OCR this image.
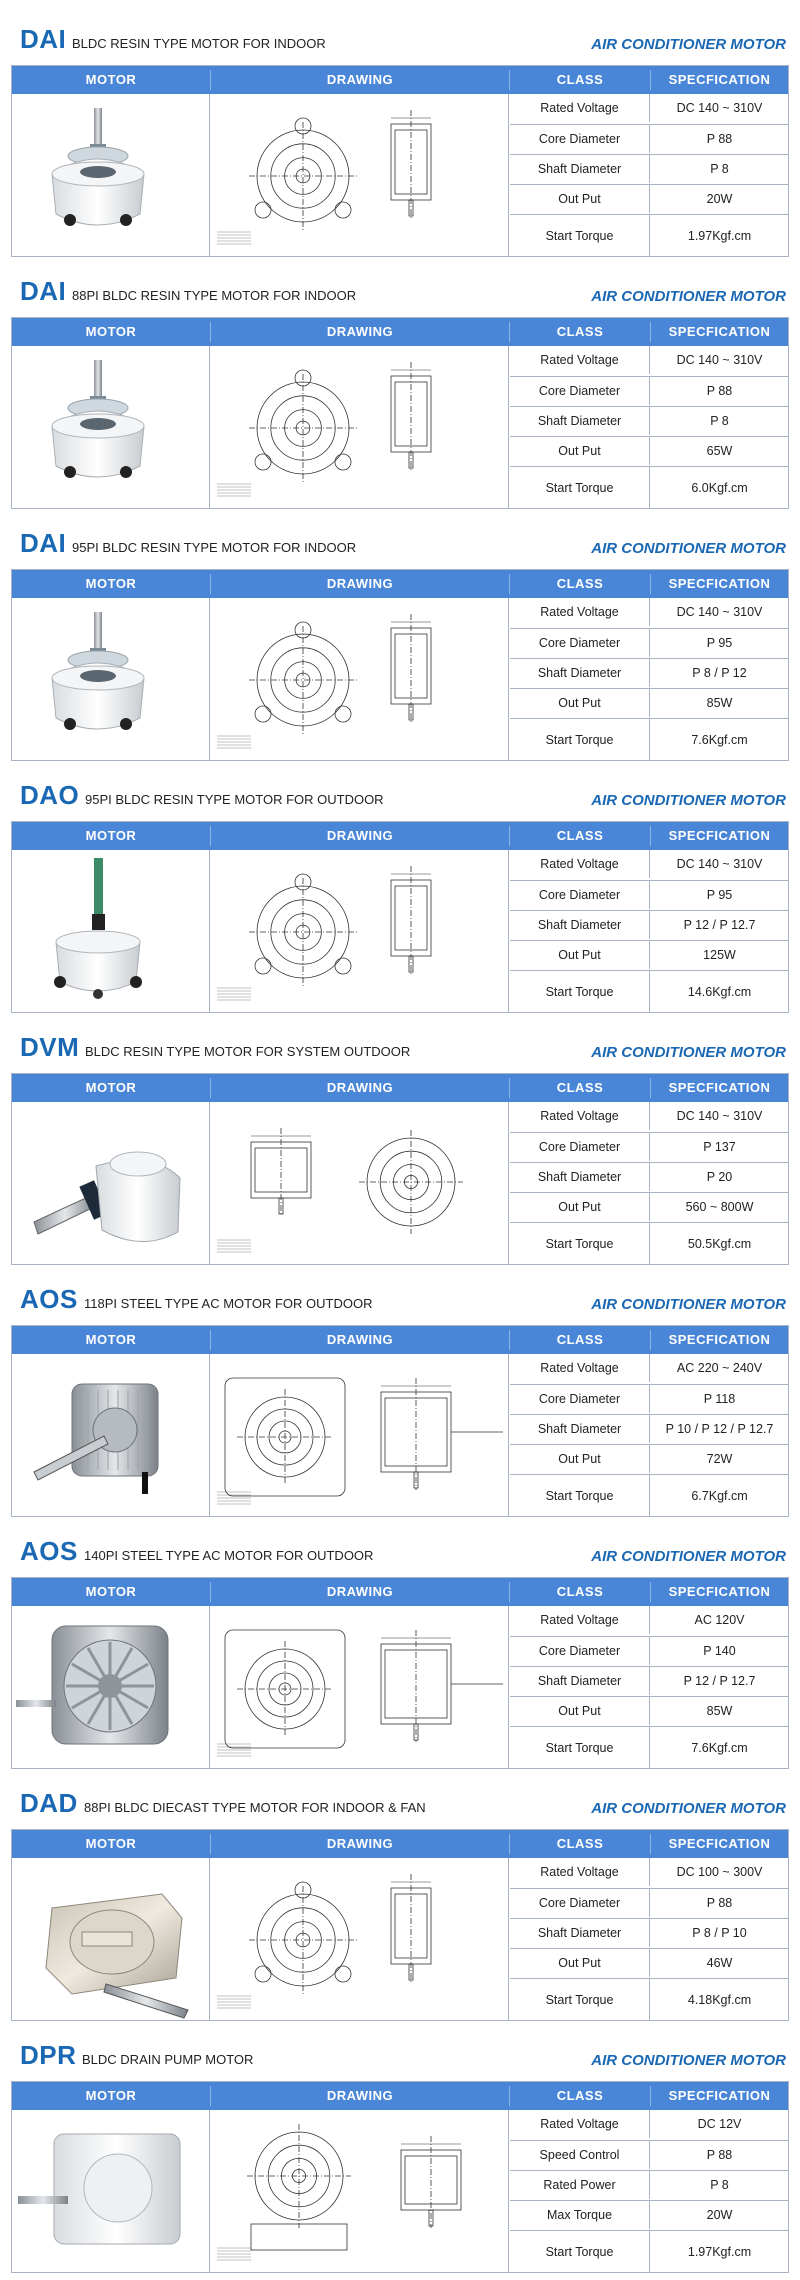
DAI BLDC RESIN TYPE MOTOR FOR INDOOR	AIR CONDITIONER MOTOR
MOTOR	DRAWING	CLASS	SPECFICATION
Rated Voltage	DC 140 ~ 310V
Core Diameter	P 88
Shaft Diameter	P 8
Out Put	20W
Start Torque	1.97Kgf.cm
DAI 88PI BLDC RESIN TYPE MOTOR FOR INDOOR	AIR CONDITIONER MOTOR
MOTOR	DRAWING	CLASS	SPECFICATION
Rated Voltage	DC 140 ~ 310V
Core Diameter	P 88
Shaft Diameter	P 8
Out Put	65W
Start Torque	6.0Kgf.cm
DAI 95PI BLDC RESIN TYPE MOTOR FOR INDOOR	AIR CONDITIONER MOTOR
MOTOR	DRAWING	CLASS	SPECFICATION
Rated Voltage	DC 140 ~ 310V
Core Diameter	P 95
Shaft Diameter	P 8 / P 12
Out Put	85W
Start Torque	7.6Kgf.cm
DAO 95PI BLDC RESIN TYPE MOTOR FOR OUTDOOR	AIR CONDITIONER MOTOR
MOTOR	DRAWING	CLASS	SPECFICATION
Rated Voltage	DC 140 ~ 310V
Core Diameter	P 95
Shaft Diameter	P 12 / P 12.7
Out Put	125W
Start Torque	14.6Kgf.cm
DVM BLDC RESIN TYPE MOTOR FOR SYSTEM OUTDOOR	AIR CONDITIONER MOTOR
MOTOR	DRAWING	CLASS	SPECFICATION
Rated Voltage	DC 140 ~ 310V
Core Diameter	P 137
Shaft Diameter	P 20
Out Put	560 ~ 800W
Start Torque	50.5Kgf.cm
AOS 118PI STEEL TYPE AC MOTOR FOR OUTDOOR	AIR CONDITIONER MOTOR
MOTOR	DRAWING	CLASS	SPECFICATION
Rated Voltage	AC 220 ~ 240V
Core Diameter	P 118
Shaft Diameter	P 10 / P 12 / P 12.7
Out Put	72W
Start Torque	6.7Kgf.cm
AOS 140PI STEEL TYPE AC MOTOR FOR OUTDOOR	AIR CONDITIONER MOTOR
MOTOR	DRAWING	CLASS	SPECFICATION
Rated Voltage	AC 120V
Core Diameter	P 140
Shaft Diameter	P 12 / P 12.7
Out Put	85W
Start Torque	7.6Kgf.cm
DAD 88PI BLDC DIECAST TYPE MOTOR FOR INDOOR & FAN	AIR CONDITIONER MOTOR
MOTOR	DRAWING	CLASS	SPECFICATION
Rated Voltage	DC 100 ~ 300V
Core Diameter	P 88
Shaft Diameter	P 8 / P 10
Out Put	46W
Start Torque	4.18Kgf.cm
DPR BLDC DRAIN PUMP MOTOR	AIR CONDITIONER MOTOR
MOTOR	DRAWING	CLASS	SPECFICATION
Rated Voltage	DC 12V
Speed Control	P 88
Rated Power	P 8
Max Torque	20W
Start Torque	1.97Kgf.cm
